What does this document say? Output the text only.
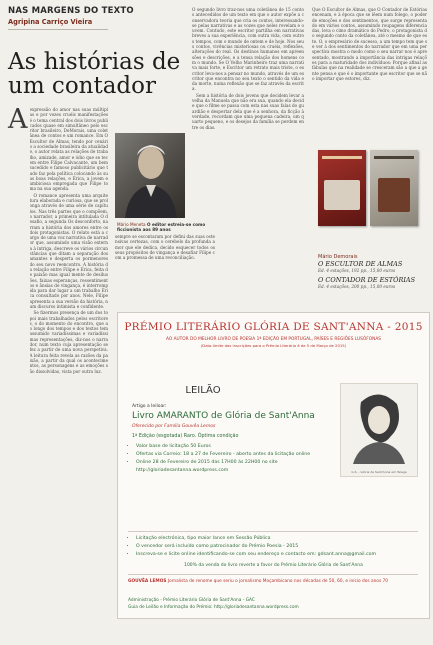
NAS MARGENS DO TEXTO
Agripina Carriço Vieira
As histórias de um contador
A expressão do amor nas suas múltiplas e por vezes cruéis manifestações é o tema central dos dois livros publicados quase em simultâneo pelo escritor brasileiro, DeMorais, uma coletânea de contos e um romance. Em O Escultor de Almas, tendo por cenário a sociedade brasileira da atualidade, o autor relata as relações de trabalho, amizade, amor e ódio que se tecem entre Filipe Calvacante, um bem sucedido e famoso publicitário que tudo faz pela política colocando às suas boas relações, e Érica, a jovem e ambiciosa empregada que Filipe toma na sua agenda.

O romance apresenta uma arquitetura elaborada e curiosa, que se prolonga através de uma série de capítulos. Nas três partes que o compõem, o narrador, a primeira intitulada O desafio, a segunda Os desconforto, narram a história dos amores entre os dois protagonistas. O relato está a cargo de uma voz narrativa de narrador que, assumindo uma visão externa à intriga, descreve os vários circunstâncias que ditam a separação dos amantes e desperta os pormenores do seu novo reencontro. A história da relação entre Filipe e Érica, feita de paixão mas igual mente de desilusões, faixas esperanças, ressentimentos e ânsias de vingança, é interrompida para dar lugar a um trabalho Érica consultado por anos. Nele, Filipe apresenta a sua versão da história, num discurso intimista e confidente.

Se fizermos presença de um dos topoi mais trabalhados pelos escritores, o do momento do encontro, que ao longo dos tempos e dos textos tem assumido variadíssimas e variadíssimas representações, diz-nos o narrador, num texto cuja apresentação se fez a partir de uma nova perspetiva. A leitura feita revela as razões da paixão, a partir da qual os acontecimentos, as personagens e as emoções são dissolvidas, vista por outra luz.

Mário Meneta O editor estreia-se como ficcionista aos 89 anos
sempre se escontaram por defini das suas ostensivas certezas, com o cerebelo da profunda amor que ele dedica, decido esquecer todos os seus propósitos de vingança e desafiar Filipe com a promessa de uma reconciliação.

O segundo livro traz-nos uma coletânea de 15 contos antecedidos de um texto em que o autor expõe a conservadora teoria que cria os contos, interessando-se pelas narrativas e as vozes que neles revelam e ouvem. Contudo, este escritor partilha em narrativas breves a sua experiência, com outra vida, com outros tempos, com o mundo de ontem e de hoje. Nos seus contos, vivências misteriosas ou cruéis, reflexões, alterações do real. Os destinos humanos em apreensões e descrições, e a tensa relação dos homens com o mundo. Se O Velho Marinheiro traz uma narrativa mais forte, e Escritor um retrato mais triste, o escritor leva-nos a pensar no mundo, através de um escritor que encontra no seu texto o sentido da vida e da morte, numa reflexão que se faz através da escrita.

Sem a história de dois jovens que decidem levar a velha da Manuela que não era sua, quando ela decide que o filme se passa com esta nas suas falas do guardião e despertar dela que é a senhora, da ficção à verdade, recordam que uma pequena cadeira, um quarto pequeno, e os desejos da família se perdem entre os dias.

Que O Escultor de Almas, que O Contador de Estórias encenam, e à época que se lêem num folego, o poder de emoções e dos sentimentos, que surge representado em vários contos, assumindo roupagens diferenciadas, leva o cimo dramático do Pedro, o protagonista do segundo conto da coletânea, até o mesmo de que este. O, o empresário de sucesso, a um tempo tem que se ver à dos sentimentos do narrador que em uma perspectiva mostra o modo como o seu narrar nos é apresentado, mostrando a importância das intrigas relações para a maturidade dos indivíduos: Porque afinal as fábulas que na realidade se cresceram são a que a gente pensa e que é o importante que escritor que se não importar que estores, diz.

Mário Demorais
O ESCULTOR DE ALMAS
Ed. 4 estações, 192 pp., 15,00 euros
O CONTADOR DE ESTÓRIAS
Ed. 4 estações, 200 pp., 15,00 euros
PRÉMIO LITERÁRIO GLÓRIA DE SANT'ANNA - 2015
AO AUTOR DO MELHOR LIVRO DE POESIA 1ª EDIÇÃO EM PORTUGAL, PAÍSES E REGIÕES LUSÓFONAS
(Data-limite das inscrições para o Prémio Literário é de 5 de Março de 2015)
LEILÃO
Artigo a leiloar:
Livro AMARANTO de Glória de Sant'Anna
Oferecido por Família Gouvêa Lemos
1ª Edição (esgotada) Raro. Óptima condição
G.S. - Glória de Sant'Anna em Telega
• Valor base de licitação 50 Euros
• Ofertas via Correio: 18 a 27 de Fevereiro - aberto antes da licitação online
• Online 28 de Fevereiro de 2015 das 17H00 às 22H00 no site http://gloriadesantanna.wordpress.com
• Licitação electrónica, tipo maior lance em Sessão Pública
• O vencedor será incluído como patrocinador do Prémio Poesia - 2015
• Inscreva-se e licite online identificando-se com seu endereço e contacto em: gdsant.anna@gmail.com
100% da venda do livro reverte a favor do Prémio Literário Glória de Sant'Anna
GOUVÊA LEMOS Jornalista de renome que seriu o jornalismo Moçambicano nos décadas de 50, 60, e início dos anos 70
Administração - Prémio Literário Glória de Sant'Anna - GAC
Guia de Leilão e Informação do Prémio: http://gloriadesantanna.wordpress.com
